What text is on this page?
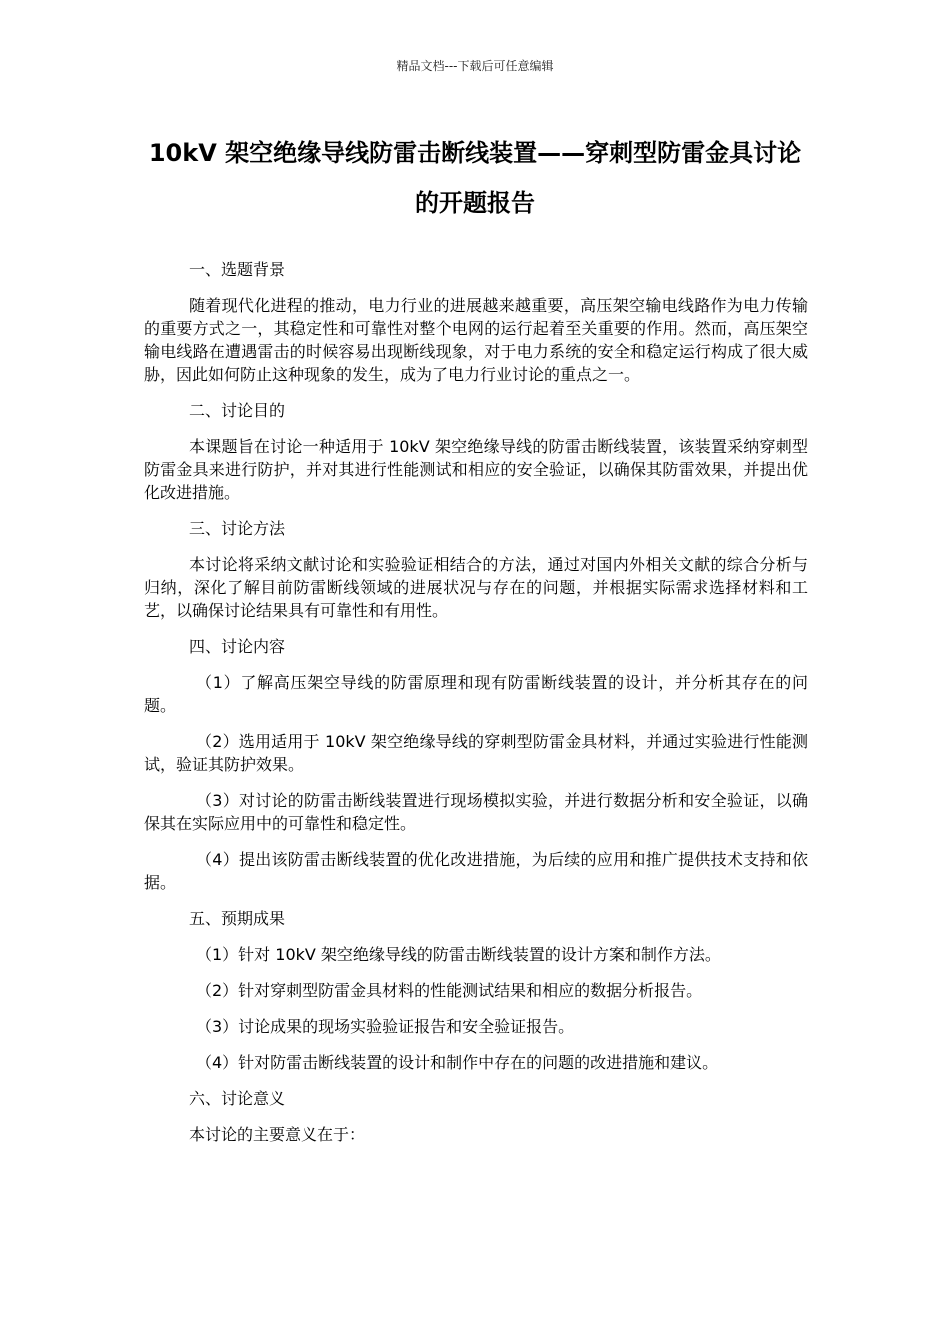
精品文档---下载后可任意编辑
10kV 架空绝缘导线防雷击断线装置——穿刺型防雷金具讨论的开题报告
一、选题背景
随着现代化进程的推动，电力行业的进展越来越重要，高压架空输电线路作为电力传输的重要方式之一，其稳定性和可靠性对整个电网的运行起着至关重要的作用。然而，高压架空输电线路在遭遇雷击的时候容易出现断线现象，对于电力系统的安全和稳定运行构成了很大威胁，因此如何防止这种现象的发生，成为了电力行业讨论的重点之一。
二、讨论目的
本课题旨在讨论一种适用于 10kV 架空绝缘导线的防雷击断线装置，该装置采纳穿刺型防雷金具来进行防护，并对其进行性能测试和相应的安全验证，以确保其防雷效果，并提出优化改进措施。
三、讨论方法
本讨论将采纳文献讨论和实验验证相结合的方法，通过对国内外相关文献的综合分析与归纳，深化了解目前防雷断线领域的进展状况与存在的问题，并根据实际需求选择材料和工艺，以确保讨论结果具有可靠性和有用性。
四、讨论内容
（1）了解高压架空导线的防雷原理和现有防雷断线装置的设计，并分析其存在的问题。
（2）选用适用于 10kV 架空绝缘导线的穿刺型防雷金具材料，并通过实验进行性能测试，验证其防护效果。
（3）对讨论的防雷击断线装置进行现场模拟实验，并进行数据分析和安全验证，以确保其在实际应用中的可靠性和稳定性。
（4）提出该防雷击断线装置的优化改进措施，为后续的应用和推广提供技术支持和依据。
五、预期成果
（1）针对 10kV 架空绝缘导线的防雷击断线装置的设计方案和制作方法。
（2）针对穿刺型防雷金具材料的性能测试结果和相应的数据分析报告。
（3）讨论成果的现场实验验证报告和安全验证报告。
（4）针对防雷击断线装置的设计和制作中存在的问题的改进措施和建议。
六、讨论意义
本讨论的主要意义在于：
